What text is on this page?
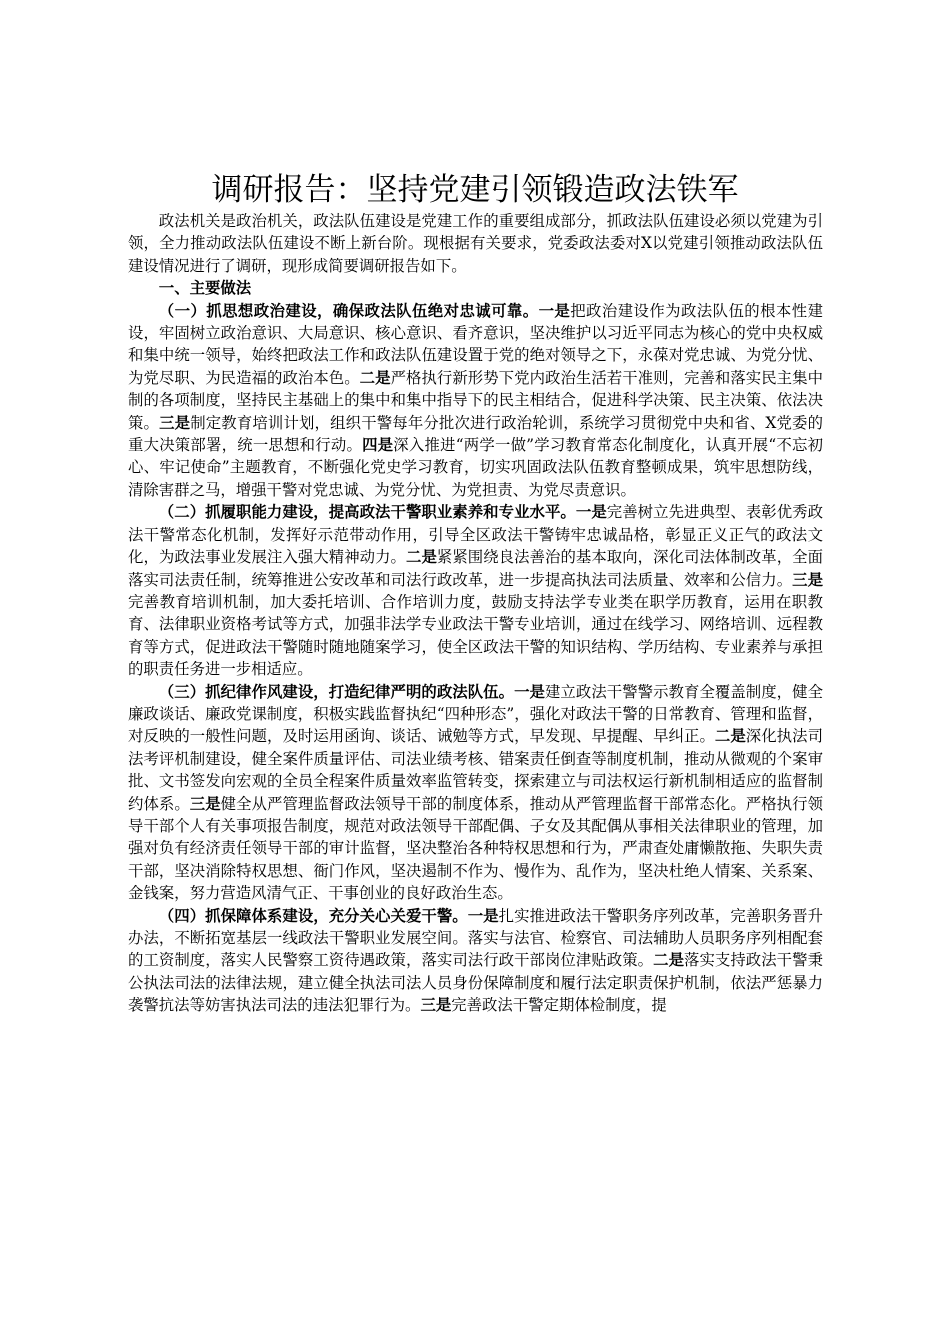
调研报告：坚持党建引领锻造政法铁军

政法机关是政治机关，政法队伍建设是党建工作的重要组成部分，抓政法队伍建设必须以党建为引领，全力推动政法队伍建设不断上新台阶。现根据有关要求，党委政法委对X以党建引领推动政法队伍建设情况进行了调研，现形成简要调研报告如下。

一、主要做法

（一）抓思想政治建设，确保政法队伍绝对忠诚可靠。一是把政治建设作为政法队伍的根本性建设，牢固树立政治意识、大局意识、核心意识、看齐意识，坚决维护以习近平同志为核心的党中央权威和集中统一领导，始终把政法工作和政法队伍建设置于党的绝对领导之下，永葆对党忠诚、为党分忧、为党尽职、为民造福的政治本色。二是严格执行新形势下党内政治生活若干准则，完善和落实民主集中制的各项制度，坚持民主基础上的集中和集中指导下的民主相结合，促进科学决策、民主决策、依法决策。三是制定教育培训计划，组织干警每年分批次进行政治轮训，系统学习贯彻党中央和省、X党委的重大决策部署，统一思想和行动。四是深入推进“两学一做”学习教育常态化制度化，认真开展“不忘初心、牢记使命”主题教育，不断强化党史学习教育，切实巩固政法队伍教育整顿成果，筑牢思想防线，清除害群之马，增强干警对党忠诚、为党分忧、为党担责、为党尽责意识。

（二）抓履职能力建设，提高政法干警职业素养和专业水平。一是完善树立先进典型、表彰优秀政法干警常态化机制，发挥好示范带动作用，引导全区政法干警铸牢忠诚品格，彰显正义正气的政法文化，为政法事业发展注入强大精神动力。二是紧紧围绕良法善治的基本取向，深化司法体制改革，全面落实司法责任制，统筹推进公安改革和司法行政改革，进一步提高执法司法质量、效率和公信力。三是完善教育培训机制，加大委托培训、合作培训力度，鼓励支持法学专业类在职学历教育，运用在职教育、法律职业资格考试等方式，加强非法学专业政法干警专业培训，通过在线学习、网络培训、远程教育等方式，促进政法干警随时随地随案学习，使全区政法干警的知识结构、学历结构、专业素养与承担的职责任务进一步相适应。

（三）抓纪律作风建设，打造纪律严明的政法队伍。一是建立政法干警警示教育全覆盖制度，健全廉政谈话、廉政党课制度，积极实践监督执纪“四种形态”，强化对政法干警的日常教育、管理和监督，对反映的一般性问题，及时运用函询、谈话、诫勉等方式，早发现、早提醒、早纠正。二是深化执法司法考评机制建设，健全案件质量评估、司法业绩考核、错案责任倒查等制度机制，推动从微观的个案审批、文书签发向宏观的全员全程案件质量效率监管转变，探索建立与司法权运行新机制相适应的监督制约体系。三是健全从严管理监督政法领导干部的制度体系，推动从严管理监督干部常态化。严格执行领导干部个人有关事项报告制度，规范对政法领导干部配偶、子女及其配偶从事相关法律职业的管理，加强对负有经济责任领导干部的审计监督，坚决整治各种特权思想和行为，严肃查处庸懒散拖、失职失责干部，坚决消除特权思想、衙门作风，坚决遏制不作为、慢作为、乱作为，坚决杜绝人情案、关系案、金钱案，努力营造风清气正、干事创业的良好政治生态。

（四）抓保障体系建设，充分关心关爱干警。一是扎实推进政法干警职务序列改革，完善职务晋升办法，不断拓宽基层一线政法干警职业发展空间。落实与法官、检察官、司法辅助人员职务序列相配套的工资制度，落实人民警察工资待遇政策，落实司法行政干部岗位津贴政策。二是落实支持政法干警秉公执法司法的法律法规，建立健全执法司法人员身份保障制度和履行法定职责保护机制，依法严惩暴力袭警抗法等妨害执法司法的违法犯罪行为。三是完善政法干警定期体检制度，提
